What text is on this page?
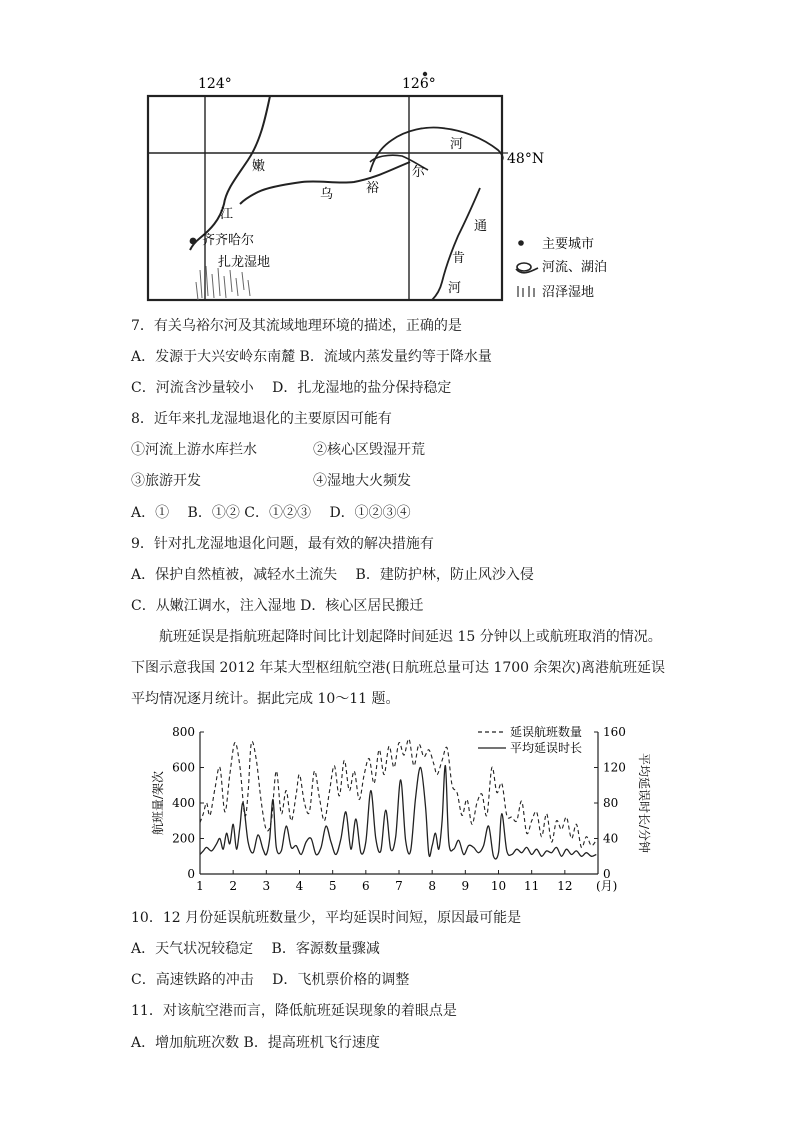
124°	126°
48°N
河
嫩	尔
乌	裕
江
齐齐哈尔
扎龙湿地
通
肯
河
主要城市
河流、湖泊
沼泽湿地
7．有关乌裕尔河及其流域地理环境的描述，正确的是
A．发源于大兴安岭东南麓 B．流域内蒸发量约等于降水量
C．河流含沙量较小　 D．扎龙湿地的盐分保持稳定
8．近年来扎龙湿地退化的主要原因可能有
①河流上游水库拦水　　　　②核心区毁湿开荒
③旅游开发　　　　　　　　④湿地大火频发
A．①　 B．①② C．①②③　 D．①②③④
9．针对扎龙湿地退化问题，最有效的解决措施有
A．保护自然植被，减轻水土流失　 B．建防护林，防止风沙入侵
C．从嫩江调水，注入湿地 D．核心区居民搬迁
航班延误是指航班起降时间比计划起降时间延迟 15 分钟以上或航班取消的情况。下图示意我国 2012 年某大型枢纽航空港(日航班总量可达 1700 余架次)离港航班延误平均情况逐月统计。据此完成 10～11 题。
0
200
400
600
800
0
40
80
120
160
1 2 3 4 5 6 7 8 9 10 11 12 (月)
航班量/架次	平均延误时长/分钟
延误航班数量
平均延误时长
10．12 月份延误航班数量少，平均延误时间短，原因最可能是
A．天气状况较稳定　 B．客源数量骤减
C．高速铁路的冲击　 D．飞机票价格的调整
11．对该航空港而言，降低航班延误现象的着眼点是
A．增加航班次数 B．提高班机飞行速度
